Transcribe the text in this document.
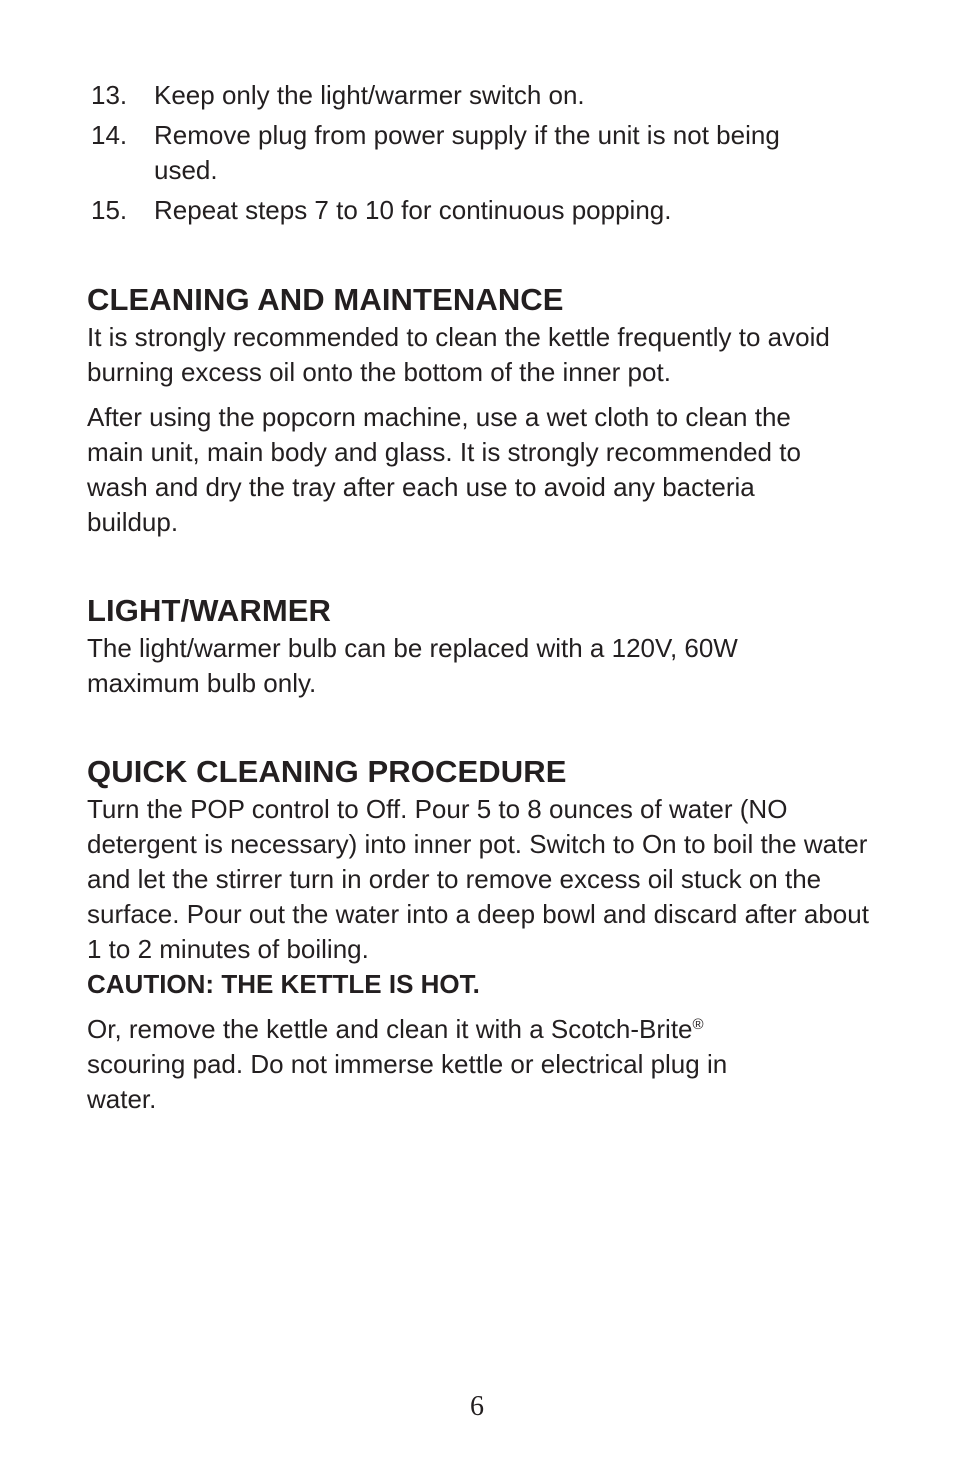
13.	Keep only the light/warmer switch on.
14.	Remove plug from power supply if the unit is not being used.
15.	Repeat steps 7 to 10 for continuous popping.
CLEANING AND MAINTENANCE

It is strongly recommended to clean the kettle frequently to avoid burning excess oil onto the bottom of the inner pot.

After using the popcorn machine, use a wet cloth to clean the main unit, main body and glass. It is strongly recommended to wash and dry the tray after each use to avoid any bacteria buildup.

LIGHT/WARMER

The light/warmer bulb can be replaced with a 120V, 60W maximum bulb only.

QUICK CLEANING PROCEDURE

Turn the POP control to Off. Pour 5 to 8 ounces of water (NO detergent is necessary) into inner pot. Switch to On to boil the water and let the stirrer turn in order to remove excess oil stuck on the surface. Pour out the water into a deep bowl and discard after about 1 to 2 minutes of boiling.
CAUTION: THE KETTLE IS HOT.

Or, remove the kettle and clean it with a Scotch-Brite® scouring pad. Do not immerse kettle or electrical plug in water.

6
